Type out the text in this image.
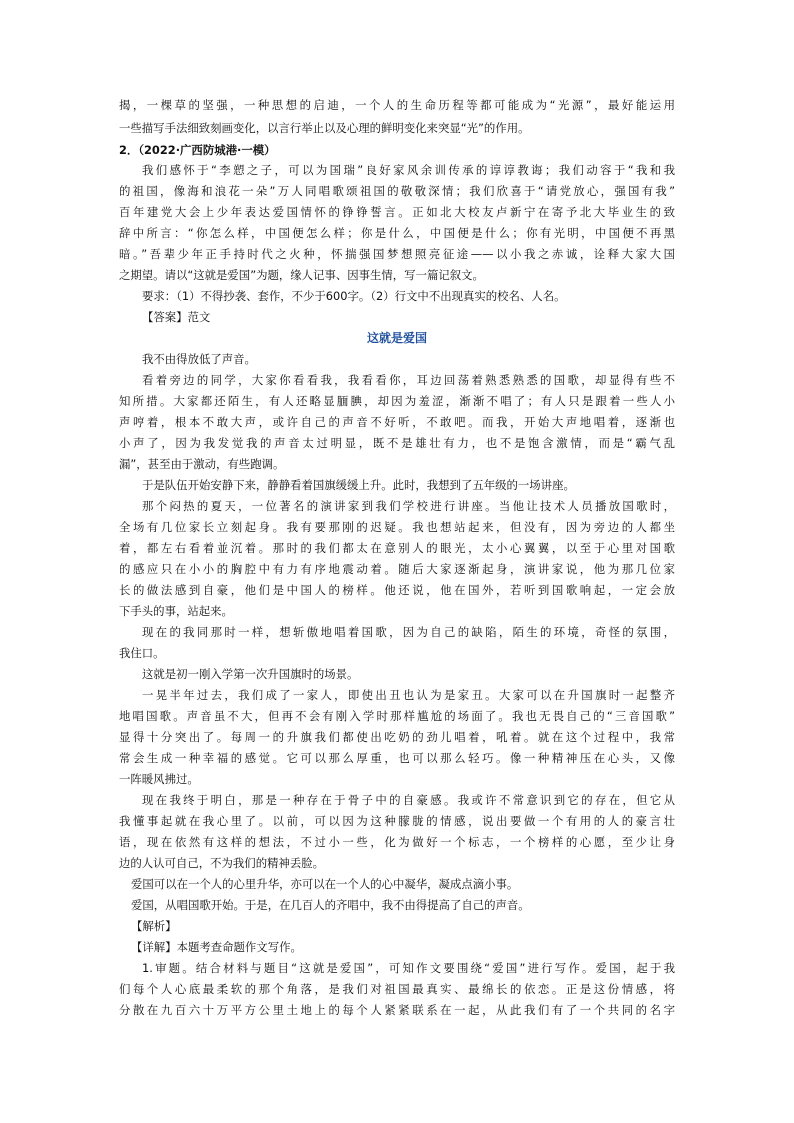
揭，一棵草的坚强，一种思想的启迪，一个人的生命历程等都可能成为“光源”，最好能运用
一些描写手法细致刻画变化，以言行举止以及心理的鲜明变化来突显“光”的作用。
2．（2022·广西防城港·一模）
我们感怀于“李愬之子，可以为国瑞”良好家风余训传承的谆谆教诲；我们动容于“我和我
的祖国，像海和浪花一朵”万人同唱歌颂祖国的敬敬深情；我们欣喜于“请党放心，强国有我”
百年建党大会上少年表达爱国情怀的铮铮誓言。正如北大校友卢新宁在寄予北大毕业生的致
辞中所言：“你怎么样，中国便怎么样；你是什么，中国便是什么；你有光明，中国便不再黑
暗。”吾辈少年正手持时代之火种，怀揣强国梦想照亮征途——以小我之赤诚，诠释大家大国
之期望。请以“这就是爱国”为题，缘人记事、因事生情，写一篇记叙文。
要求：（1）不得抄袭、套作，不少于600字。（2）行文中不出现真实的校名、人名。
【答案】范文
这就是爱国
我不由得放低了声音。
看着旁边的同学，大家你看看我，我看看你，耳边回荡着熟悉熟悉的国歌，却显得有些不
知所措。大家都还陌生，有人还略显腼腆，却因为羞涩，渐渐不唱了；有人只是跟着一些人小
声哼着，根本不敢大声，或许自己的声音不好听，不敢吧。而我，开始大声地唱着，逐渐也
小声了，因为我发觉我的声音太过明显，既不是雄壮有力，也不是饱含激情，而是“霸气乱
漏”，甚至由于激动，有些跑调。
于是队伍开始安静下来，静静看着国旗缓缓上升。此时，我想到了五年级的一场讲座。
那个闷热的夏天，一位著名的演讲家到我们学校进行讲座。当他让技术人员播放国歌时，
全场有几位家长立刻起身。我有要那刚的迟疑。我也想站起来，但没有，因为旁边的人都坐
着，都左右看着並沉着。那时的我们都太在意别人的眼光，太小心翼翼，以至于心里对国歌
的感应只在小小的胸腔中有力有序地震动着。随后大家逐渐起身，演讲家说，他为那几位家
长的做法感到自豪，他们是中国人的榜样。他还说，他在国外，若听到国歌响起，一定会放
下手头的事，站起来。
现在的我同那时一样，想斩傲地唱着国歌，因为自己的缺陷，陌生的环境，奇怪的氛围，
我住口。
这就是初一刚入学第一次升国旗时的场景。
一晃半年过去，我们成了一家人，即使出丑也认为是家丑。大家可以在升国旗时一起整齐
地唱国歌。声音虽不大，但再不会有刚入学时那样尴尬的场面了。我也无畏自己的“三音国歌”
显得十分突出了。每周一的升旗我们都使出吃奶的劲儿唱着，吼着。就在这个过程中，我常
常会生成一种幸福的感觉。它可以那么厚重，也可以那么轻巧。像一种精神压在心头，又像
一阵暖风拂过。
现在我终于明白，那是一种存在于骨子中的自豪感。我或许不常意识到它的存在，但它从
我懂事起就在我心里了。以前，可以因为这种朦胧的情感，说出要做一个有用的人的豪言壮
语，现在依然有这样的想法，不过小一些，化为做好一个标志，一个榜样的心愿，至少让身
边的人认可自己，不为我们的精神丢脸。
爱国可以在一个人的心里升华，亦可以在一个人的心中凝华，凝成点滴小事。
爱国，从唱国歌开始。于是，在几百人的齐唱中，我不由得提高了自己的声音。
【解析】
【详解】本题考查命题作文写作。
1.审题。结合材料与题目“这就是爱国”，可知作文要围绕“爱国”进行写作。爱国，起于我
们每个人心底最柔软的那个角落，是我们对祖国最真实、最绵长的依恋。正是这份情感，将
分散在九百六十万平方公里土地上的每个人紧紧联系在一起，从此我们有了一个共同的名字
